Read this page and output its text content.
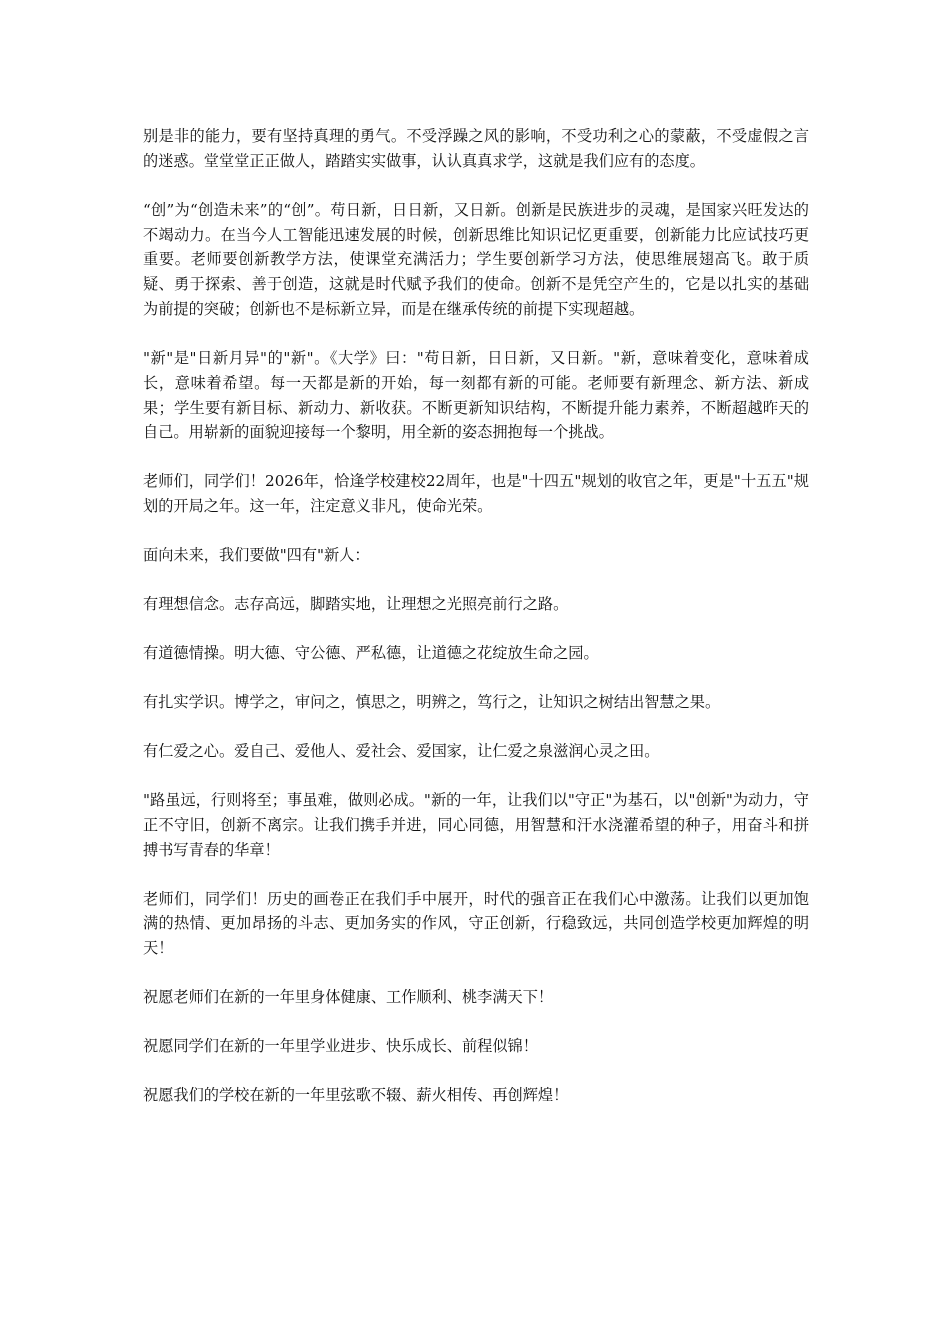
别是非的能力，要有坚持真理的勇气。不受浮躁之风的影响，不受功利之心的蒙蔽，不受虚假之言的迷惑。堂堂堂正正做人，踏踏实实做事，认认真真求学，这就是我们应有的态度。

“创”为“创造未来”的“创”。苟日新，日日新，又日新。创新是民族进步的灵魂，是国家兴旺发达的不竭动力。在当今人工智能迅速发展的时候，创新思维比知识记忆更重要，创新能力比应试技巧更重要。老师要创新教学方法，使课堂充满活力；学生要创新学习方法，使思维展翅高飞。敢于质疑、勇于探索、善于创造，这就是时代赋予我们的使命。创新不是凭空产生的，它是以扎实的基础为前提的突破；创新也不是标新立异，而是在继承传统的前提下实现超越。

"新"是"日新月异"的"新"。《大学》曰："苟日新，日日新，又日新。"新，意味着变化，意味着成长，意味着希望。每一天都是新的开始，每一刻都有新的可能。老师要有新理念、新方法、新成果；学生要有新目标、新动力、新收获。不断更新知识结构，不断提升能力素养，不断超越昨天的自己。用崭新的面貌迎接每一个黎明，用全新的姿态拥抱每一个挑战。

老师们，同学们！2026年，恰逢学校建校22周年，也是"十四五"规划的收官之年，更是"十五五"规划的开局之年。这一年，注定意义非凡，使命光荣。

面向未来，我们要做"四有"新人：

有理想信念。志存高远，脚踏实地，让理想之光照亮前行之路。

有道德情操。明大德、守公德、严私德，让道德之花绽放生命之园。

有扎实学识。博学之，审问之，慎思之，明辨之，笃行之，让知识之树结出智慧之果。

有仁爱之心。爱自己、爱他人、爱社会、爱国家，让仁爱之泉滋润心灵之田。

"路虽远，行则将至；事虽难，做则必成。"新的一年，让我们以"守正"为基石，以"创新"为动力，守正不守旧，创新不离宗。让我们携手并进，同心同德，用智慧和汗水浇灌希望的种子，用奋斗和拼搏书写青春的华章！

老师们，同学们！历史的画卷正在我们手中展开，时代的强音正在我们心中激荡。让我们以更加饱满的热情、更加昂扬的斗志、更加务实的作风，守正创新，行稳致远，共同创造学校更加辉煌的明天！

祝愿老师们在新的一年里身体健康、工作顺利、桃李满天下！

祝愿同学们在新的一年里学业进步、快乐成长、前程似锦！

祝愿我们的学校在新的一年里弦歌不辍、薪火相传、再创辉煌！
